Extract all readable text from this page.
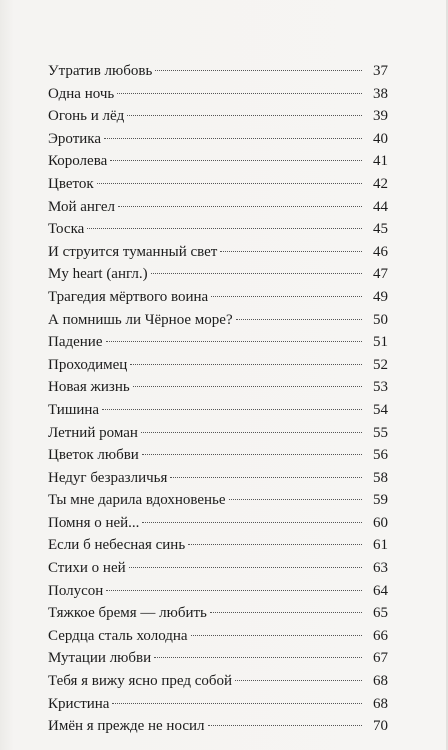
Утратив любовь	37
Одна ночь	38
Огонь и лёд	39
Эротика	40
Королева	41
Цветок	42
Мой ангел	44
Тоска	45
И струится туманный свет	46
My heart (англ.)	47
Трагедия мёртвого воина	49
А помнишь ли Чёрное море?	50
Падение	51
Проходимец	52
Новая жизнь	53
Тишина	54
Летний роман	55
Цветок любви	56
Недуг безразличья	58
Ты мне дарила вдохновенье	59
Помня о ней...	60
Если б небесная синь	61
Стихи о ней	63
Полусон	64
Тяжкое бремя — любить	65
Сердца сталь холодна	66
Мутации любви	67
Тебя я вижу ясно пред собой	68
Кристина	68
Имён я прежде не носил	70
